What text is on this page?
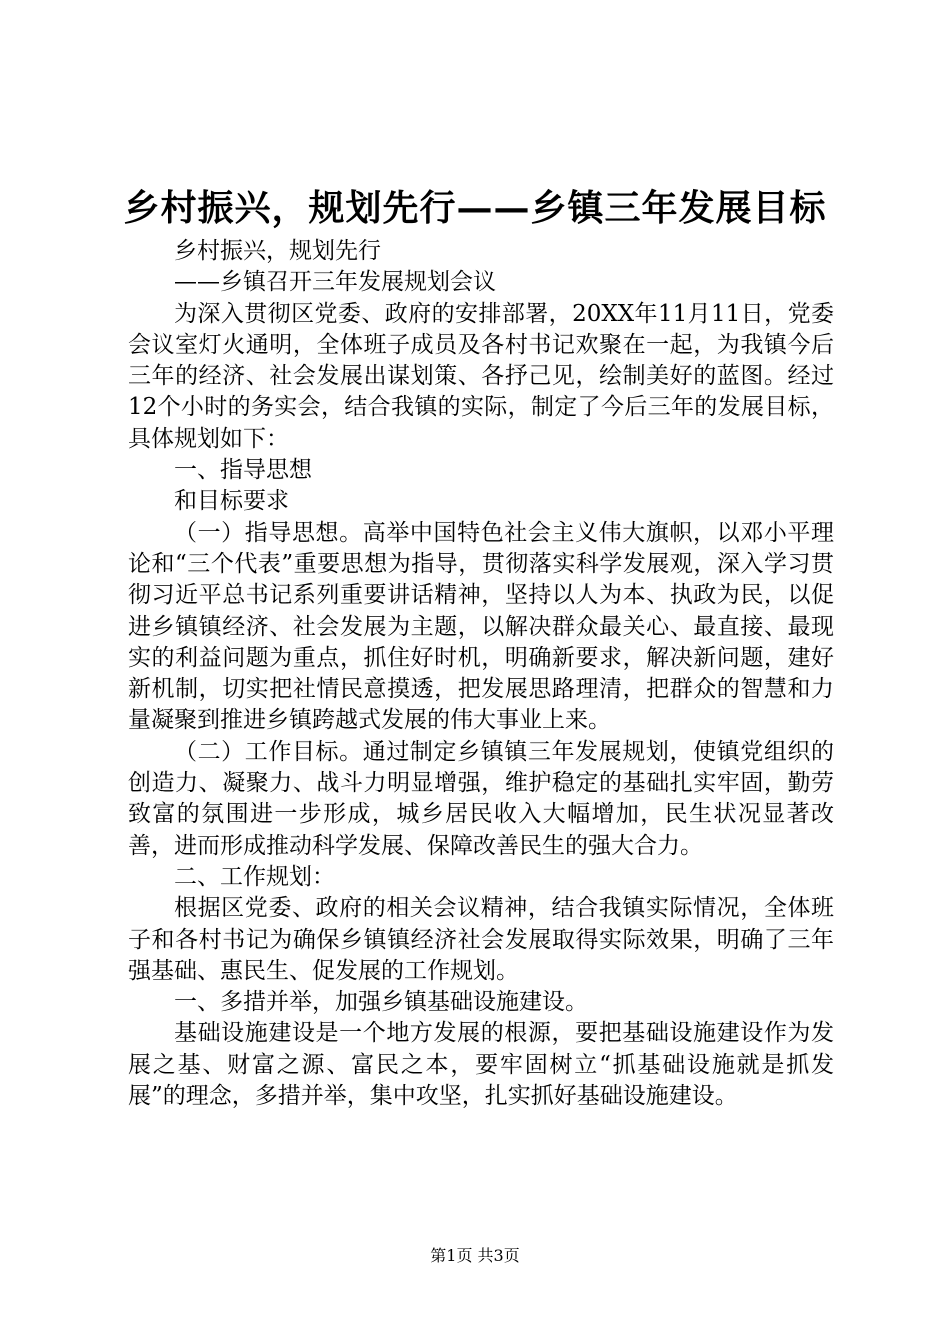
乡村振兴，规划先行——乡镇三年发展目标

乡村振兴，规划先行

——乡镇召开三年发展规划会议

为深入贯彻区党委、政府的安排部署，20XX年11月11日，党委会议室灯火通明，全体班子成员及各村书记欢聚在一起，为我镇今后三年的经济、社会发展出谋划策、各抒己见，绘制美好的蓝图。经过12个小时的务实会，结合我镇的实际，制定了今后三年的发展目标，具体规划如下：

一、指导思想

和目标要求

（一）指导思想。高举中国特色社会主义伟大旗帜，以邓小平理论和“三个代表”重要思想为指导，贯彻落实科学发展观，深入学习贯彻习近平总书记系列重要讲话精神，坚持以人为本、执政为民，以促进乡镇镇经济、社会发展为主题，以解决群众最关心、最直接、最现实的利益问题为重点，抓住好时机，明确新要求，解决新问题，建好新机制，切实把社情民意摸透，把发展思路理清，把群众的智慧和力量凝聚到推进乡镇跨越式发展的伟大事业上来。

（二）工作目标。通过制定乡镇镇三年发展规划，使镇党组织的创造力、凝聚力、战斗力明显增强，维护稳定的基础扎实牢固，勤劳致富的氛围进一步形成，城乡居民收入大幅增加，民生状况显著改善，进而形成推动科学发展、保障改善民生的强大合力。

二、工作规划：

根据区党委、政府的相关会议精神，结合我镇实际情况，全体班子和各村书记为确保乡镇镇经济社会发展取得实际效果，明确了三年强基础、惠民生、促发展的工作规划。

一、多措并举，加强乡镇基础设施建设。

基础设施建设是一个地方发展的根源，要把基础设施建设作为发展之基、财富之源、富民之本，要牢固树立“抓基础设施就是抓发展”的理念，多措并举，集中攻坚，扎实抓好基础设施建设。

第1页 共3页
